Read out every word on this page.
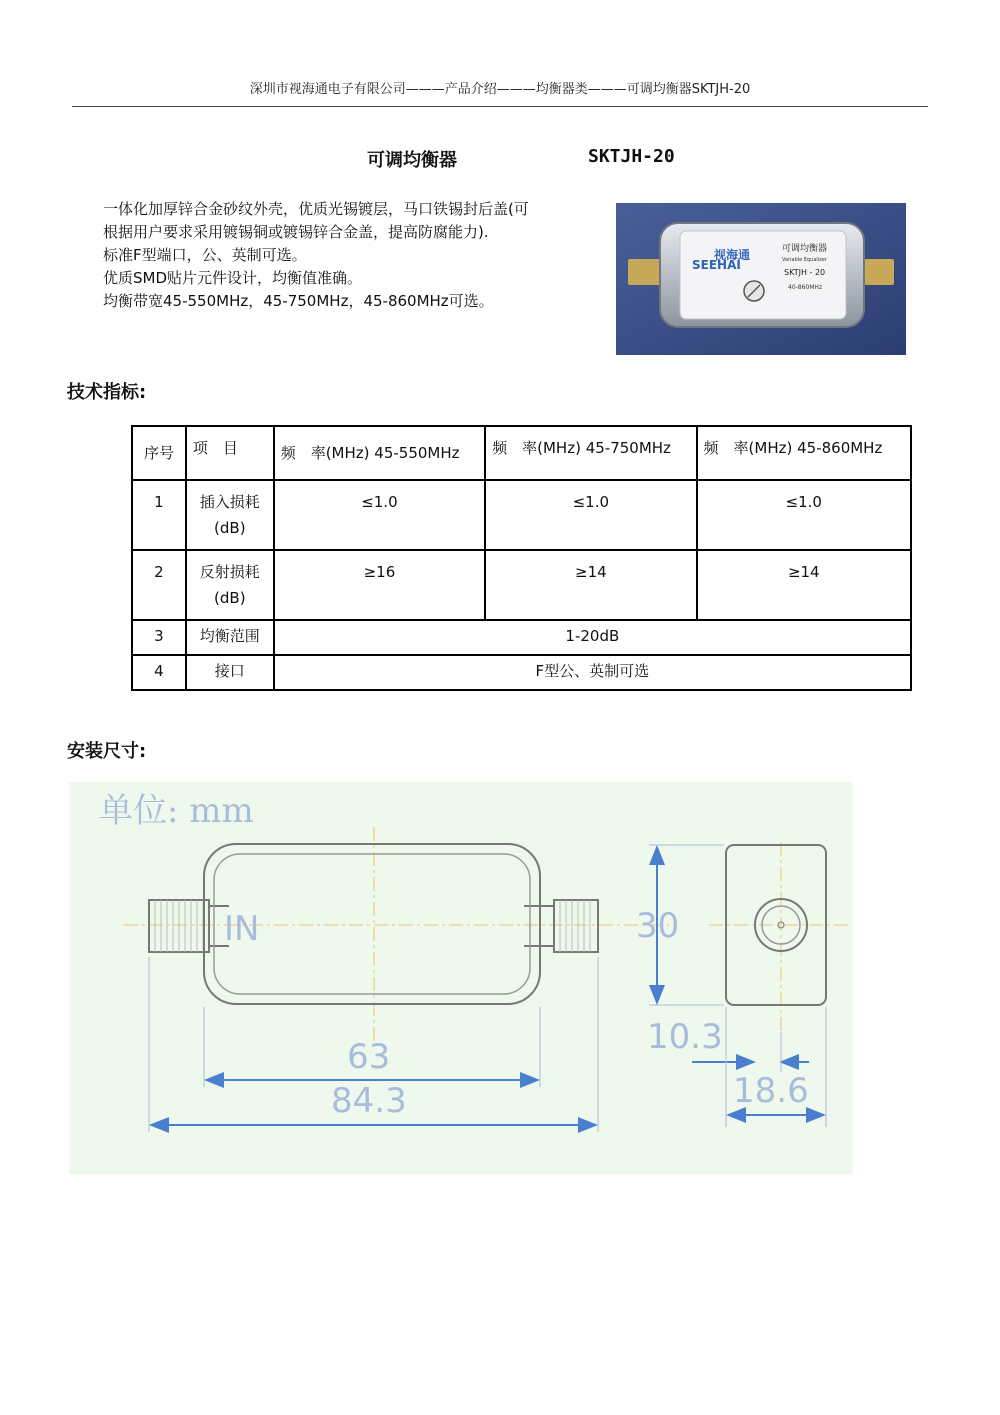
深圳市视海通电子有限公司———产品介绍———均衡器类———可调均衡器SKTJH-20
可调均衡器	SKTJH-20

一体化加厚锌合金砂纹外壳，优质光锡镀层，马口铁锡封后盖(可

根据用户要求采用镀锡铜或镀锡锌合金盖，提高防腐能力).

标准F型端口，公、英制可选。

优质SMD贴片元件设计，均衡值准确。

均衡带宽45-550MHz，45-750MHz，45-860MHz可选。

视海通
SEEHAI
可调均衡器
Variable Equalizer
SKTJH - 20
40-860MHz
技术指标:
序号	项　目	频　率(MHz) 45-550MHz	频　率(MHz) 45-750MHz	频　率(MHz) 45-860MHz
1	插入损耗
(dB)	≤1.0	≤1.0	≤1.0
2	反射损耗
(dB)	≥16	≥14	≥14
3	均衡范围	1-20dB		
4	接口	F型公、英制可选		
安装尺寸:
单位: mm
IN
63
84.3
30
10.3
18.6
